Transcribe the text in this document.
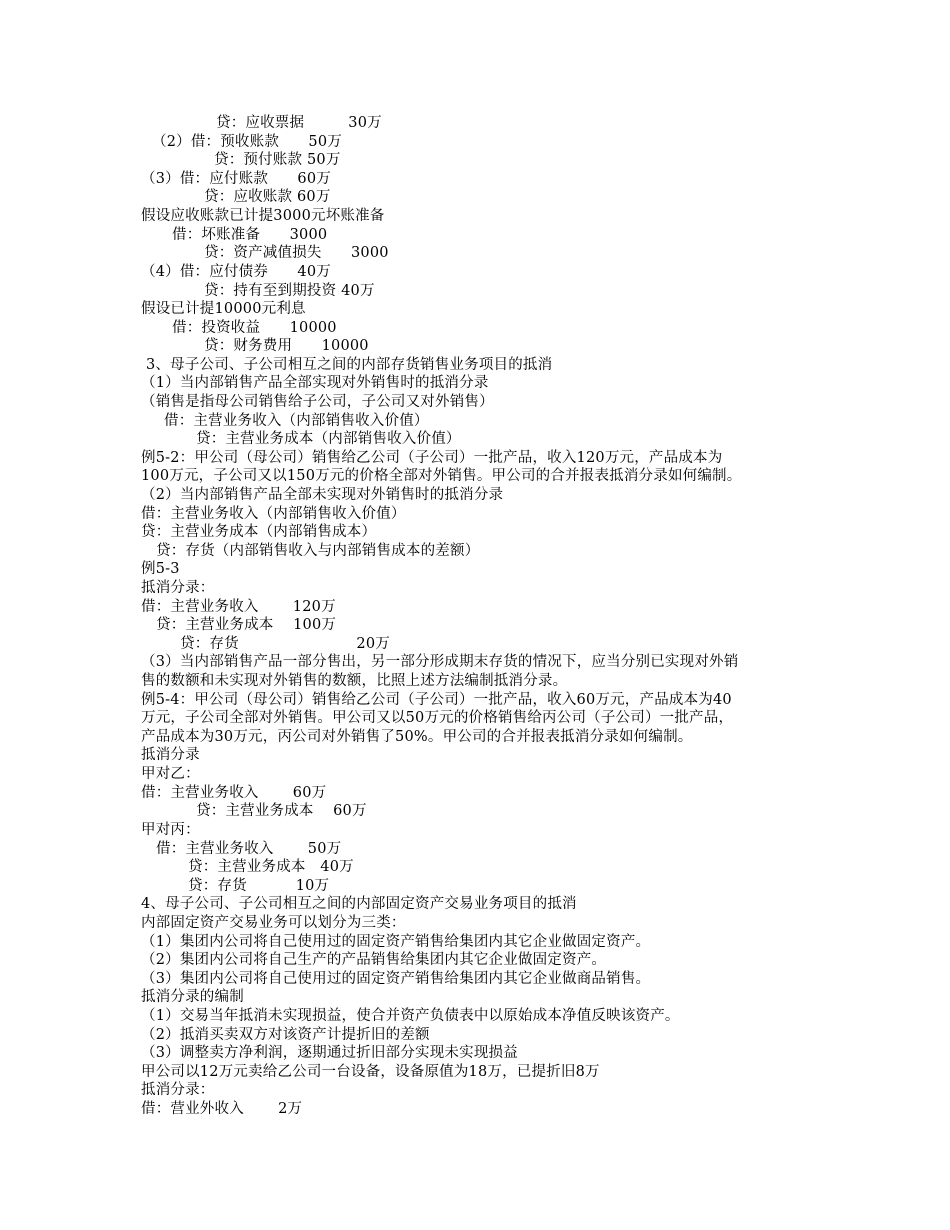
贷：应收票据　　　30万
（2）借：预收账款　　50万
贷：预付账款 50万
（3）借：应付账款　　60万
贷：应收账款 60万
假设应收账款已计提3000元坏账准备
借：坏账准备　　3000
贷：资产减值损失　　3000
（4）借：应付债券　　40万
贷：持有至到期投资 40万
假设已计提10000元利息
借：投资收益　　10000
贷：财务费用　　10000
3、母子公司、子公司相互之间的内部存货销售业务项目的抵消
（1）当内部销售产品全部实现对外销售时的抵消分录
（销售是指母公司销售给子公司，子公司又对外销售）
借：主营业务收入（内部销售收入价值）
贷：主营业务成本（内部销售收入价值）
例5-2：甲公司（母公司）销售给乙公司（子公司）一批产品，收入120万元，产品成本为
100万元，子公司又以150万元的价格全部对外销售。甲公司的合并报表抵消分录如何编制。
（2）当内部销售产品全部未实现对外销售时的抵消分录
借：主营业务收入（内部销售收入价值）
贷：主营业务成本（内部销售成本）
贷：存货（内部销售收入与内部销售成本的差额）
例5-3
抵消分录：
借：主营业务收入　　 120万
贷：主营业务成本　 100万
贷：存货　　　　　　　　20万
（3）当内部销售产品一部分售出，另一部分形成期末存货的情况下，应当分别已实现对外销
售的数额和未实现对外销售的数额，比照上述方法编制抵消分录。
例5-4：甲公司（母公司）销售给乙公司（子公司）一批产品，收入60万元，产品成本为40
万元，子公司全部对外销售。甲公司又以50万元的价格销售给丙公司（子公司）一批产品，
产品成本为30万元，丙公司对外销售了50%。甲公司的合并报表抵消分录如何编制。
抵消分录
甲对乙：
借：主营业务收入　　 60万
贷：主营业务成本　 60万
甲对丙：
借：主营业务收入　　 50万
贷：主营业务成本　40万
贷：存货　　　 10万
4、母子公司、子公司相互之间的内部固定资产交易业务项目的抵消
内部固定资产交易业务可以划分为三类：
（1）集团内公司将自己使用过的固定资产销售给集团内其它企业做固定资产。
（2）集团内公司将自己生产的产品销售给集团内其它企业做固定资产。
（3）集团内公司将自己使用过的固定资产销售给集团内其它企业做商品销售。
抵消分录的编制
（1）交易当年抵消未实现损益，使合并资产负债表中以原始成本净值反映该资产。
（2）抵消买卖双方对该资产计提折旧的差额
（3）调整卖方净利润，逐期通过折旧部分实现未实现损益
甲公司以12万元卖给乙公司一台设备，设备原值为18万，已提折旧8万
抵消分录：
借：营业外收入　　 2万
